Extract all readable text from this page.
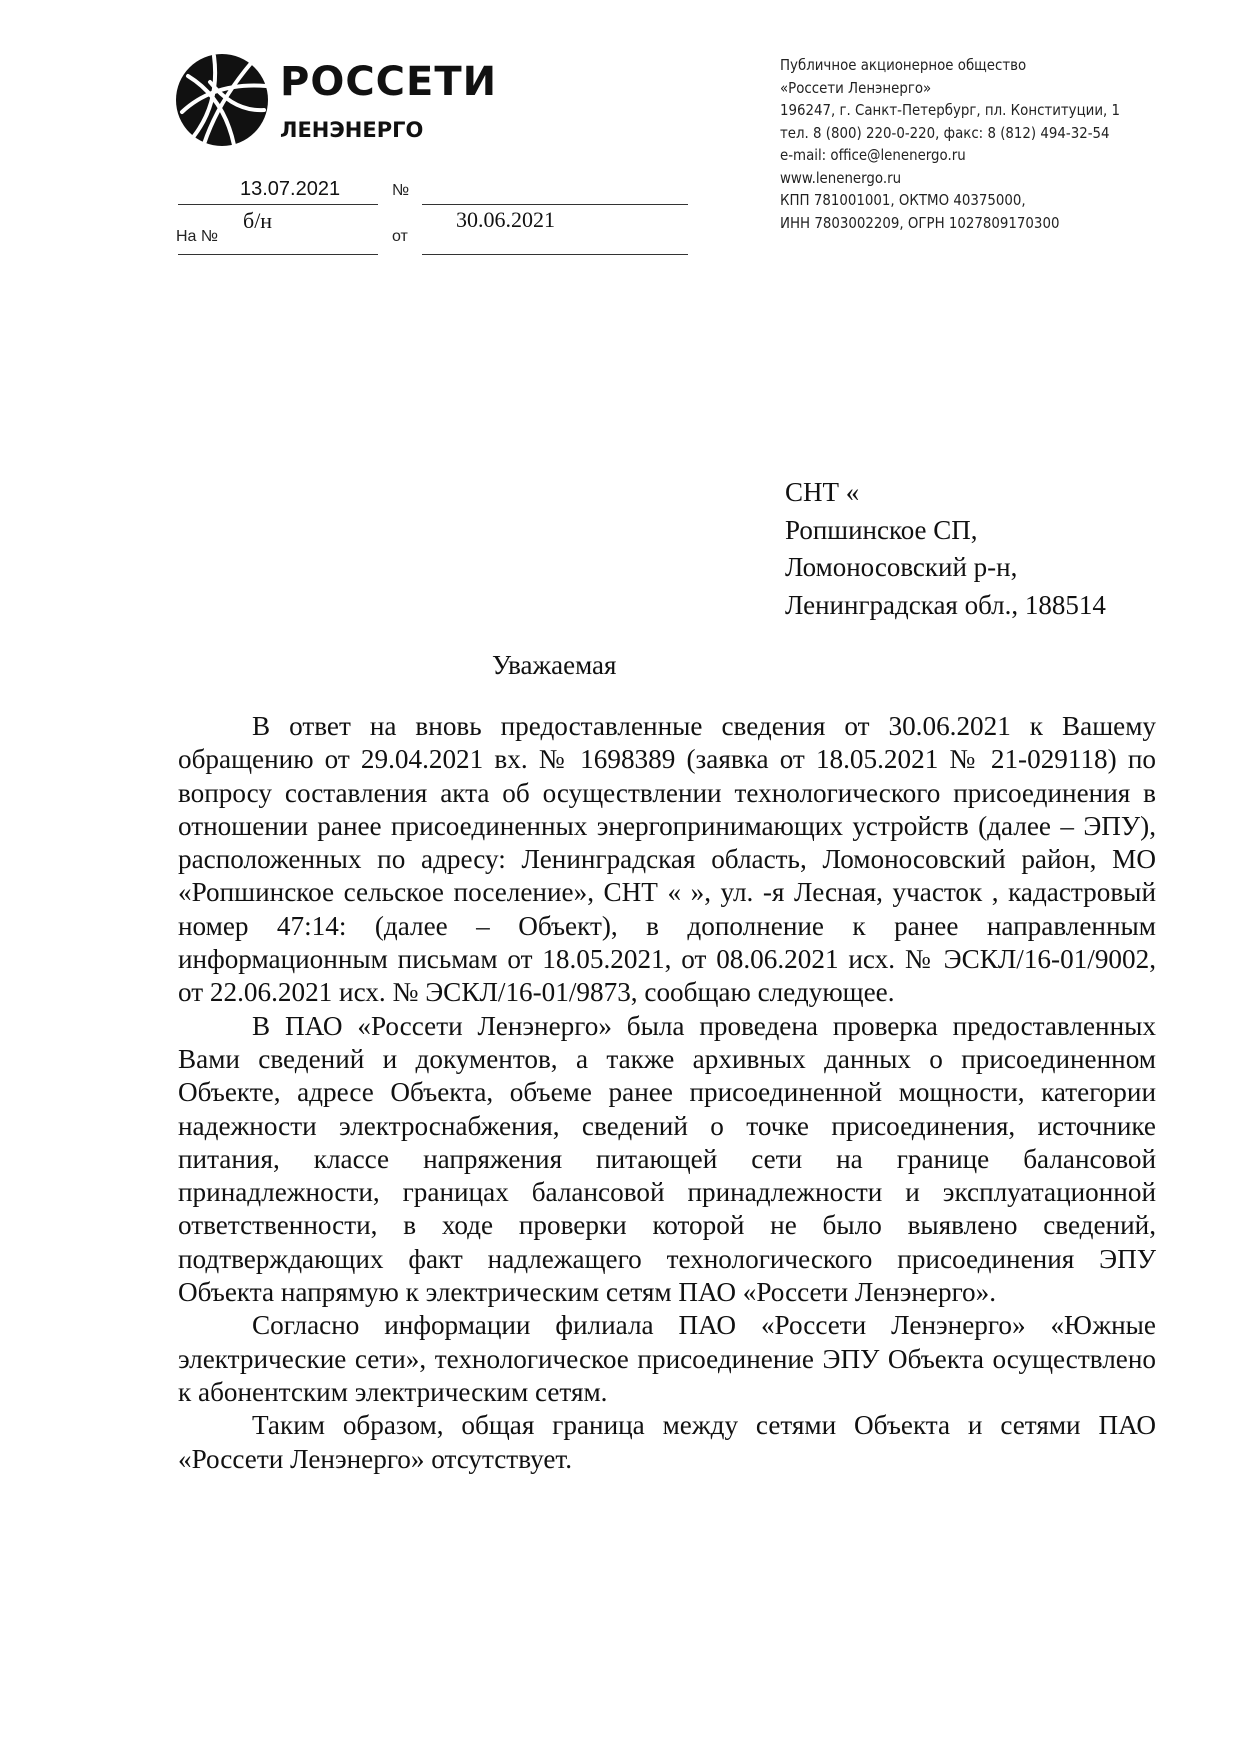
РОССЕТИ
ЛЕНЭНЕРГО
Публичное акционерное общество
«Россети Ленэнерго»
196247, г. Санкт-Петербург, пл. Конституции, 1
тел. 8 (800) 220-0-220, факс: 8 (812) 494-32-54
e-mail: office@lenenergo.ru
www.lenenergo.ru
КПП 781001001, ОКТМО 40375000,
ИНН 7803002209, ОГРН 1027809170300
13.07.2021	№
На №
б/н
от
30.06.2021
СНТ «
Ропшинское СП,
Ломоносовский р-н,
Ленинградская обл., 188514
Уважаемая

В ответ на вновь предоставленные сведения от 30.06.2021 к Вашему обращению от 29.04.2021 вх. № 1698389 (заявка от 18.05.2021 № 21-029118) по вопросу составления акта об осуществлении технологического присоединения в отношении ранее присоединенных энергопринимающих устройств (далее – ЭПУ), расположенных по адресу: Ленинградская область, Ломоносовский район, МО «Ропшинское сельское поселение», СНТ « », ул. -я Лесная, участок , кадастровый номер 47:14: (далее – Объект), в дополнение к ранее направленным информационным письмам от 18.05.2021, от 08.06.2021 исх. № ЭСКЛ/16-01/9002, от 22.06.2021 исх. № ЭСКЛ/16-01/9873, сообщаю следующее.

В ПАО «Россети Ленэнерго» была проведена проверка предоставленных Вами сведений и документов, а также архивных данных о присоединенном Объекте, адресе Объекта, объеме ранее присоединенной мощности, категории надежности электроснабжения, сведений о точке присоединения, источнике питания, классе напряжения питающей сети на границе балансовой принадлежности, границах балансовой принадлежности и эксплуатационной ответственности, в ходе проверки которой не было выявлено сведений, подтверждающих факт надлежащего технологического присоединения ЭПУ Объекта напрямую к электрическим сетям ПАО «Россети Ленэнерго».

Согласно информации филиала ПАО «Россети Ленэнерго» «Южные электрические сети», технологическое присоединение ЭПУ Объекта осуществлено к абонентским электрическим сетям.

Таким образом, общая граница между сетями Объекта и сетями ПАО «Россети Ленэнерго» отсутствует.
